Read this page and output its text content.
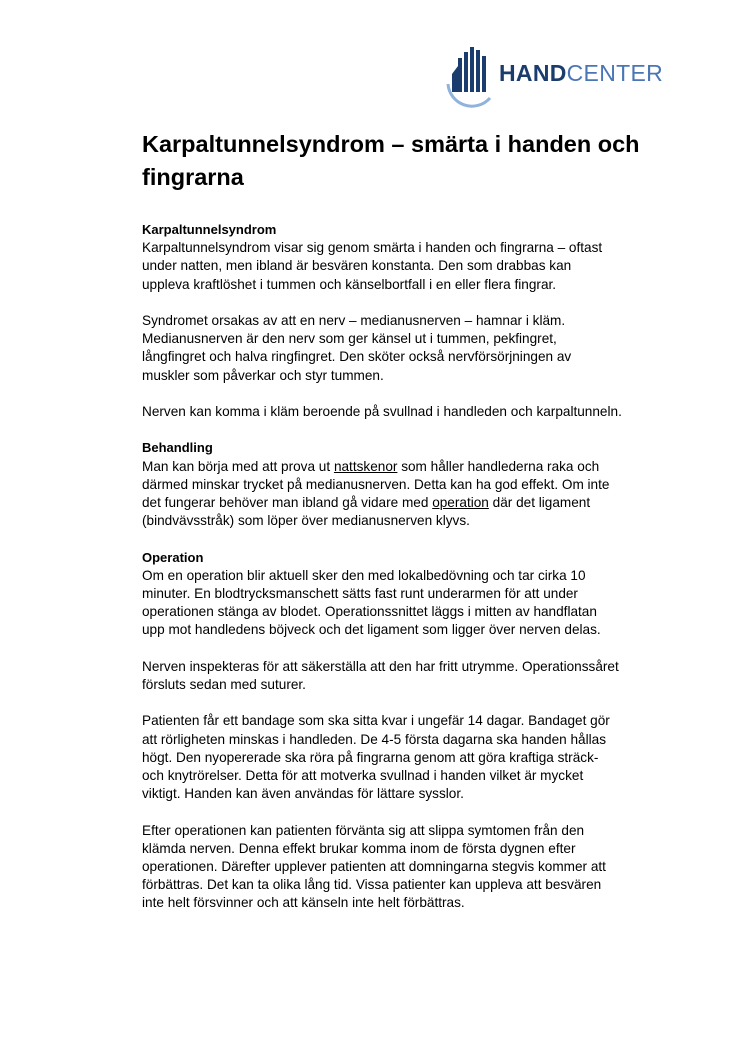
HANDCENTER
Karpaltunnelsyndrom – smärta i handen och fingrarna
Karpaltunnelsyndrom

Karpaltunnelsyndrom visar sig genom smärta i handen och fingrarna – oftast under natten, men ibland är besvären konstanta. Den som drabbas kan uppleva kraftlöshet i tummen och känselbortfall i en eller flera fingrar.

Syndromet orsakas av att en nerv – medianusnerven – hamnar i kläm. Medianusnerven är den nerv som ger känsel ut i tummen, pekfingret, långfingret och halva ringfingret. Den sköter också nervförsörjningen av muskler som påverkar och styr tummen.

Nerven kan komma i kläm beroende på svullnad i handleden och karpaltunneln.

Behandling

Man kan börja med att prova ut nattskenor som håller handlederna raka och därmed minskar trycket på medianusnerven. Detta kan ha god effekt. Om inte det fungerar behöver man ibland gå vidare med operation där det ligament (bindvävsstråk) som löper över medianusnerven klyvs.

Operation

Om en operation blir aktuell sker den med lokalbedövning och tar cirka 10 minuter. En blodtrycksmanschett sätts fast runt underarmen för att under operationen stänga av blodet. Operationssnittet läggs i mitten av handflatan upp mot handledens böjveck och det ligament som ligger över nerven delas.

Nerven inspekteras för att säkerställa att den har fritt utrymme. Operationssåret försluts sedan med suturer.

Patienten får ett bandage som ska sitta kvar i ungefär 14 dagar. Bandaget gör att rörligheten minskas i handleden. De 4-5 första dagarna ska handen hållas högt. Den nyopererade ska röra på fingrarna genom att göra kraftiga sträck- och knytrörelser. Detta för att motverka svullnad i handen vilket är mycket viktigt. Handen kan även användas för lättare sysslor.

Efter operationen kan patienten förvänta sig att slippa symtomen från den klämda nerven. Denna effekt brukar komma inom de första dygnen efter operationen. Därefter upplever patienten att domningarna stegvis kommer att förbättras. Det kan ta olika lång tid. Vissa patienter kan uppleva att besvären inte helt försvinner och att känseln inte helt förbättras.
